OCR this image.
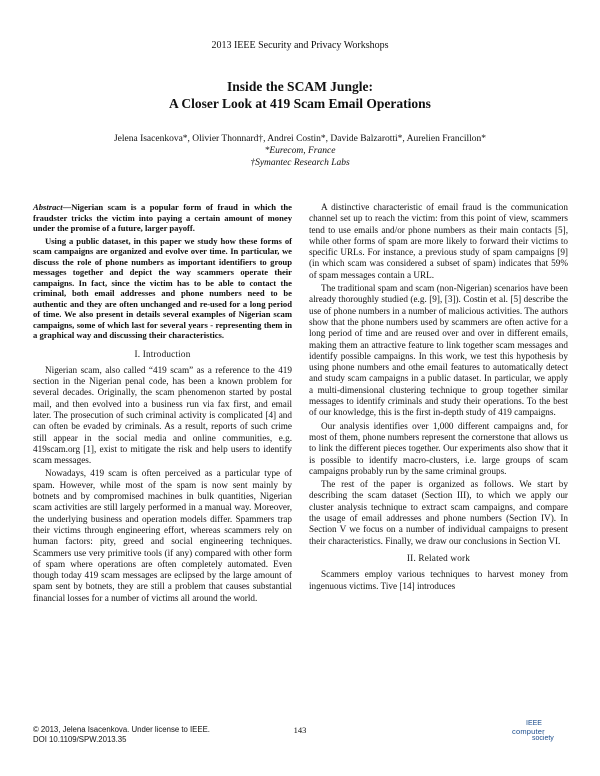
2013 IEEE Security and Privacy Workshops
Inside the SCAM Jungle:
A Closer Look at 419 Scam Email Operations
Jelena Isacenkova*, Olivier Thonnard†, Andrei Costin*, Davide Balzarotti*, Aurelien Francillon*
*Eurecom, France
†Symantec Research Labs

Abstract—Nigerian scam is a popular form of fraud in which the fraudster tricks the victim into paying a certain amount of money under the promise of a future, larger payoff.

Using a public dataset, in this paper we study how these forms of scam campaigns are organized and evolve over time. In particular, we discuss the role of phone numbers as important identifiers to group messages together and depict the way scammers operate their campaigns. In fact, since the victim has to be able to contact the criminal, both email addresses and phone numbers need to be authentic and they are often unchanged and re-used for a long period of time. We also present in details several examples of Nigerian scam campaigns, some of which last for several years - representing them in a graphical way and discussing their characteristics.

I. Introduction

Nigerian scam, also called “419 scam” as a reference to the 419 section in the Nigerian penal code, has been a known problem for several decades. Originally, the scam phenomenon started by postal mail, and then evolved into a business run via fax first, and email later. The prosecution of such criminal activity is complicated [4] and can often be evaded by criminals. As a result, reports of such crime still appear in the social media and online communities, e.g. 419scam.org [1], exist to mitigate the risk and help users to identify scam messages.

Nowadays, 419 scam is often perceived as a particular type of spam. However, while most of the spam is now sent mainly by botnets and by compromised machines in bulk quantities, Nigerian scam activities are still largely performed in a manual way. Moreover, the underlying business and operation models differ. Spammers trap their victims through engineering effort, whereas scammers rely on human factors: pity, greed and social engineering techniques. Scammers use very primitive tools (if any) compared with other form of spam where operations are often completely automated. Even though today 419 scam messages are eclipsed by the large amount of spam sent by botnets, they are still a problem that causes substantial financial losses for a number of victims all around the world.

A distinctive characteristic of email fraud is the communication channel set up to reach the victim: from this point of view, scammers tend to use emails and/or phone numbers as their main contacts [5], while other forms of spam are more likely to forward their victims to specific URLs. For instance, a previous study of spam campaigns [9] (in which scam was considered a subset of spam) indicates that 59% of spam messages contain a URL.

The traditional spam and scam (non-Nigerian) scenarios have been already thoroughly studied (e.g. [9], [3]). Costin et al. [5] describe the use of phone numbers in a number of malicious activities. The authors show that the phone numbers used by scammers are often active for a long period of time and are reused over and over in different emails, making them an attractive feature to link together scam messages and identify possible campaigns. In this work, we test this hypothesis by using phone numbers and othe email features to automatically detect and study scam campaigns in a public dataset. In particular, we apply a multi-dimensional clustering technique to group together similar messages to identify criminals and study their operations. To the best of our knowledge, this is the first in-depth study of 419 campaigns.

Our analysis identifies over 1,000 different campaigns and, for most of them, phone numbers represent the cornerstone that allows us to link the different pieces together. Our experiments also show that it is possible to identify macro-clusters, i.e. large groups of scam campaigns probably run by the same criminal groups.

The rest of the paper is organized as follows. We start by describing the scam dataset (Section III), to which we apply our cluster analysis technique to extract scam campaigns, and compare the usage of email addresses and phone numbers (Section IV). In Section V we focus on a number of individual campaigns to present their characteristics. Finally, we draw our conclusions in Section VI.

II. Related work

Scammers employ various techniques to harvest money from ingenuous victims. Tive [14] introduces

© 2013, Jelena Isacenkova. Under license to IEEE.
DOI 10.1109/SPW.2013.35
143
IEEE
computer
society
